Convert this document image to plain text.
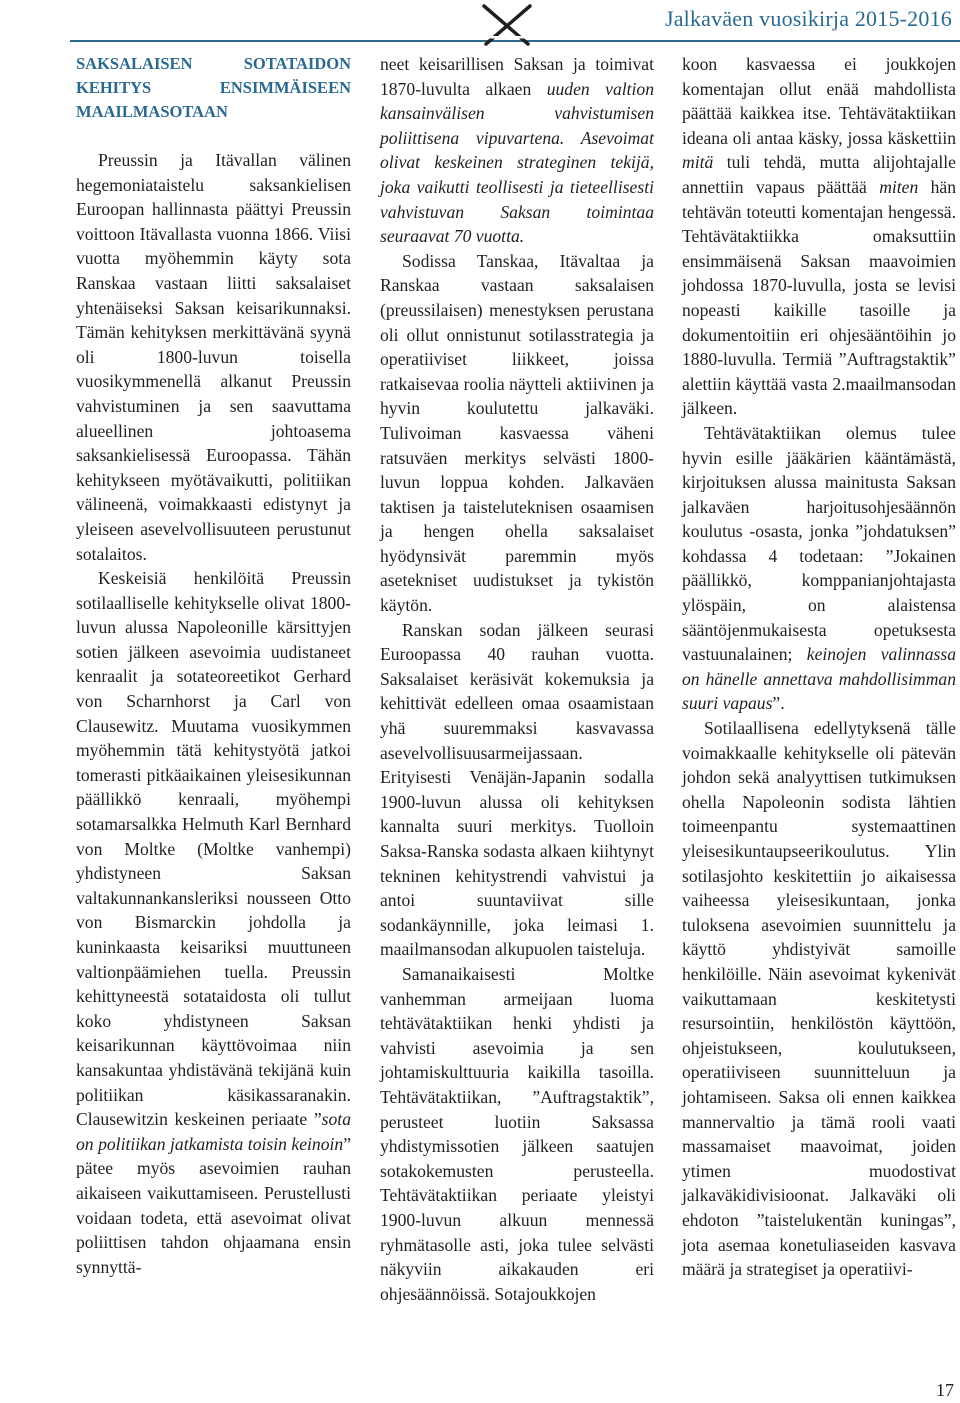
Jalkaväen vuosikirja 2015-2016
SAKSALAISEN SOTATAIDON
KEHITYS ENSIMMÄISEEN
MAAILMASOTAAN

Preussin ja Itävallan välinen hegemoniataistelu saksankielisen Euroopan hallinnasta päättyi Preussin voittoon Itävallasta vuonna 1866. Viisi vuotta myöhemmin käyty sota Ranskaa vastaan liitti saksalaiset yhtenäiseksi Saksan keisarikunnaksi. Tämän kehityksen merkittävänä syynä oli 1800-luvun toisella vuosikymmenellä alkanut Preussin vahvistuminen ja sen saavuttama alueellinen johtoasema saksankielisessä Euroopassa. Tähän kehitykseen myötävaikutti, politiikan välineenä, voimakkaasti edistynyt ja yleiseen asevelvollisuuteen perustunut sotalaitos.

Keskeisiä henkilöitä Preussin sotilaalliselle kehitykselle olivat 1800-luvun alussa Napoleonille kärsittyjen sotien jälkeen asevoimia uudistaneet kenraalit ja sotateoreetikot Gerhard von Scharnhorst ja Carl von Clausewitz. Muutama vuosikymmen myöhemmin tätä kehitystyötä jatkoi tomerasti pitkäaikainen yleisesikunnan päällikkö kenraali, myöhempi sotamarsalkka Helmuth Karl Bernhard von Moltke (Moltke vanhempi) yhdistyneen Saksan valtakunnankansleriksi nousseen Otto von Bismarckin johdolla ja kuninkaasta keisariksi muuttuneen valtionpäämiehen tuella. Preussin kehittyneestä sotataidosta oli tullut koko yhdistyneen Saksan keisarikunnan käyttövoimaa niin kansakuntaa yhdistävänä tekijänä kuin politiikan käsikassaranakin. Clausewitzin keskeinen periaate ”sota on politiikan jatkamista toisin keinoin” pätee myös asevoimien rauhan aikaiseen vaikuttamiseen. Perustellusti voidaan todeta, että asevoimat olivat poliittisen tahdon ohjaamana ensin synnyttä-

neet keisarillisen Saksan ja toimivat 1870-luvulta alkaen uuden valtion kansainvälisen vahvistumisen poliittisena vipuvartena. Asevoimat olivat keskeinen strateginen tekijä, joka vaikutti teollisesti ja tieteellisesti vahvistuvan Saksan toimintaa seuraavat 70 vuotta.

Sodissa Tanskaa, Itävaltaa ja Ranskaa vastaan saksalaisen (preussilaisen) menestyksen perustana oli ollut onnistunut sotilasstrategia ja operatiiviset liikkeet, joissa ratkaisevaa roolia näytteli aktiivinen ja hyvin koulutettu jalkaväki. Tulivoiman kasvaessa väheni ratsuväen merkitys selvästi 1800-luvun loppua kohden. Jalkaväen taktisen ja taisteluteknisen osaamisen ja hengen ohella saksalaiset hyödynsivät paremmin myös asetekniset uudistukset ja tykistön käytön.

Ranskan sodan jälkeen seurasi Euroopassa 40 rauhan vuotta. Saksalaiset keräsivät kokemuksia ja kehittivät edelleen omaa osaamistaan yhä suuremmaksi kasvavassa asevelvollisuusarmeijassaan. Erityisesti Venäjän-Japanin sodalla 1900-luvun alussa oli kehityksen kannalta suuri merkitys. Tuolloin Saksa-Ranska sodasta alkaen kiihtynyt tekninen kehitystrendi vahvistui ja antoi suuntaviivat sille sodankäynnille, joka leimasi 1. maailmansodan alkupuolen taisteluja.

Samanaikaisesti Moltke vanhemman armeijaan luoma tehtävätaktiikan henki yhdisti ja vahvisti asevoimia ja sen johtamiskulttuuria kaikilla tasoilla. Tehtävätaktiikan, ”Auftragstaktik”, perusteet luotiin Saksassa yhdistymissotien jälkeen saatujen sotakokemusten perusteella. Tehtävätaktiikan periaate yleistyi 1900-luvun alkuun mennessä ryhmätasolle asti, joka tulee selvästi näkyviin aikakauden eri ohjesäännöissä. Sotajoukkojen

koon kasvaessa ei joukkojen komentajan ollut enää mahdollista päättää kaikkea itse. Tehtävätaktiikan ideana oli antaa käsky, jossa käskettiin mitä tuli tehdä, mutta alijohtajalle annettiin vapaus päättää miten hän tehtävän toteutti komentajan hengessä. Tehtävätaktiikka omaksuttiin ensimmäisenä Saksan maavoimien johdossa 1870-luvulla, josta se levisi nopeasti kaikille tasoille ja dokumentoitiin eri ohjesääntöihin jo 1880-luvulla. Termiä ”Auftragstaktik” alettiin käyttää vasta 2.maailmansodan jälkeen.

Tehtävätaktiikan olemus tulee hyvin esille jääkärien kääntämästä, kirjoituksen alussa mainitusta Saksan jalkaväen harjoitusohjesäännön koulutus -osasta, jonka ”johdatuksen” kohdassa 4 todetaan: ”Jokainen päällikkö, komppanianjohtajasta ylöspäin, on alaistensa sääntöjenmukaisesta opetuksesta vastuunalainen; keinojen valinnassa on hänelle annettava mahdollisimman suuri vapaus”.

Sotilaallisena edellytyksenä tälle voimakkaalle kehitykselle oli pätevän johdon sekä analyyttisen tutkimuksen ohella Napoleonin sodista lähtien toimeenpantu systemaattinen yleisesikuntaupseerikoulutus. Ylin sotilasjohto keskitettiin jo aikaisessa vaiheessa yleisesikuntaan, jonka tuloksena asevoimien suunnittelu ja käyttö yhdistyivät samoille henkilöille. Näin asevoimat kykenivät vaikuttamaan keskitetysti resursointiin, henkilöstön käyttöön, ohjeistukseen, koulutukseen, operatiiviseen suunnitteluun ja johtamiseen. Saksa oli ennen kaikkea mannervaltio ja tämä rooli vaati massamaiset maavoimat, joiden ytimen muodostivat jalkaväkidivisioonat. Jalkaväki oli ehdoton ”taistelukentän kuningas”, jota asemaa konetuliaseiden kasvava määrä ja strategiset ja operatiivi-

17
